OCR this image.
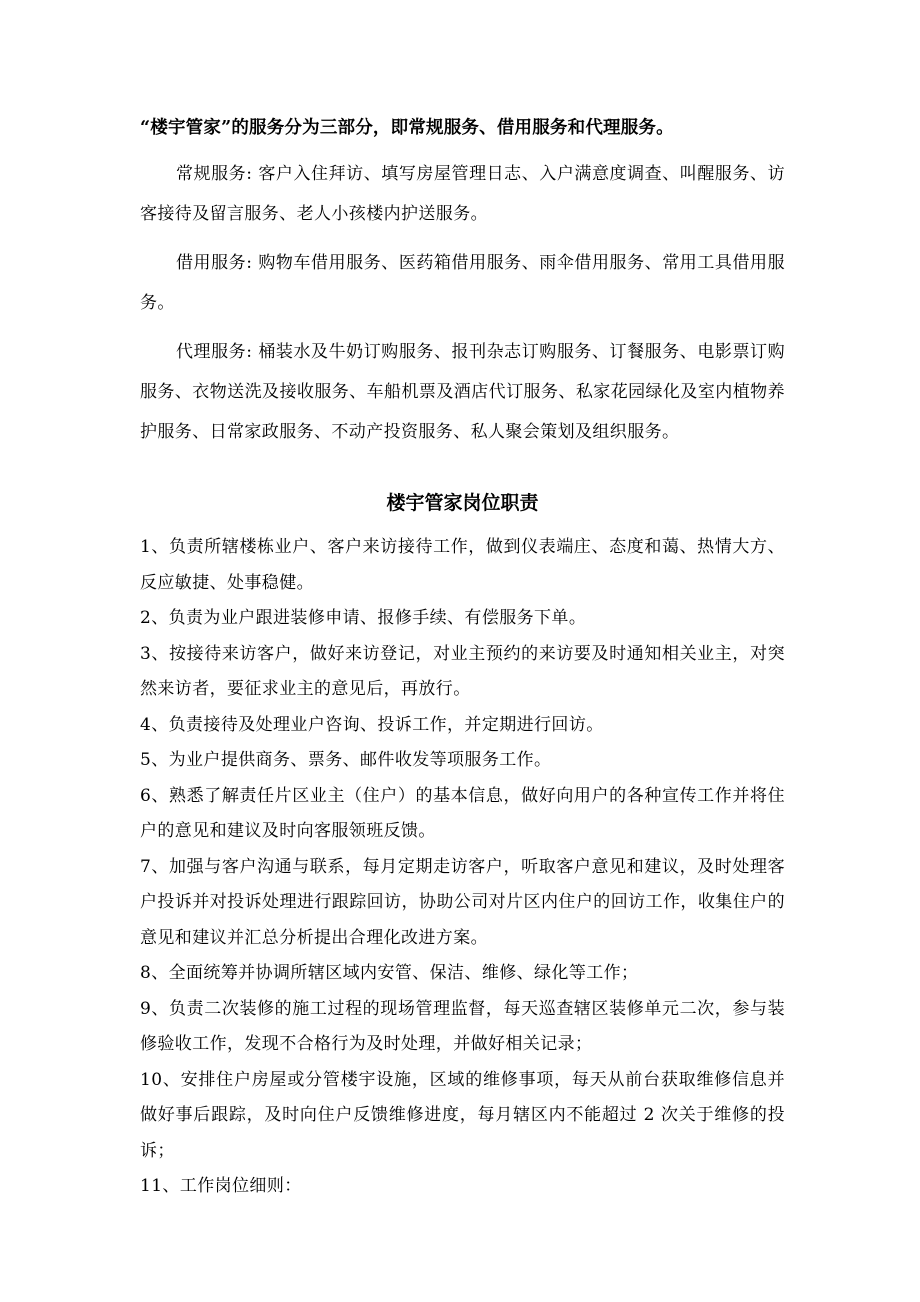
“楼宇管家”的服务分为三部分，即常规服务、借用服务和代理服务。

常规服务: 客户入住拜访、填写房屋管理日志、入户满意度调查、叫醒服务、访客接待及留言服务、老人小孩楼内护送服务。

借用服务: 购物车借用服务、医药箱借用服务、雨伞借用服务、常用工具借用服务。

代理服务: 桶装水及牛奶订购服务、报刊杂志订购服务、订餐服务、电影票订购服务、衣物送洗及接收服务、车船机票及酒店代订服务、私家花园绿化及室内植物养护服务、日常家政服务、不动产投资服务、私人聚会策划及组织服务。

楼宇管家岗位职责

1、负责所辖楼栋业户、客户来访接待工作，做到仪表端庄、态度和蔼、热情大方、反应敏捷、处事稳健。

2、负责为业户跟进装修申请、报修手续、有偿服务下单。

3、按接待来访客户，做好来访登记，对业主预约的来访要及时通知相关业主，对突然来访者，要征求业主的意见后，再放行。

4、负责接待及处理业户咨询、投诉工作，并定期进行回访。

5、为业户提供商务、票务、邮件收发等项服务工作。

6、熟悉了解责任片区业主（住户）的基本信息，做好向用户的各种宣传工作并将住户的意见和建议及时向客服领班反馈。

7、加强与客户沟通与联系，每月定期走访客户，听取客户意见和建议，及时处理客户投诉并对投诉处理进行跟踪回访，协助公司对片区内住户的回访工作，收集住户的意见和建议并汇总分析提出合理化改进方案。

8、全面统筹并协调所辖区域内安管、保洁、维修、绿化等工作；

9、负责二次装修的施工过程的现场管理监督，每天巡查辖区装修单元二次，参与装修验收工作，发现不合格行为及时处理，并做好相关记录；

10、安排住户房屋或分管楼宇设施，区域的维修事项，每天从前台获取维修信息并做好事后跟踪，及时向住户反馈维修进度，每月辖区内不能超过 2 次关于维修的投诉；

11、工作岗位细则：
